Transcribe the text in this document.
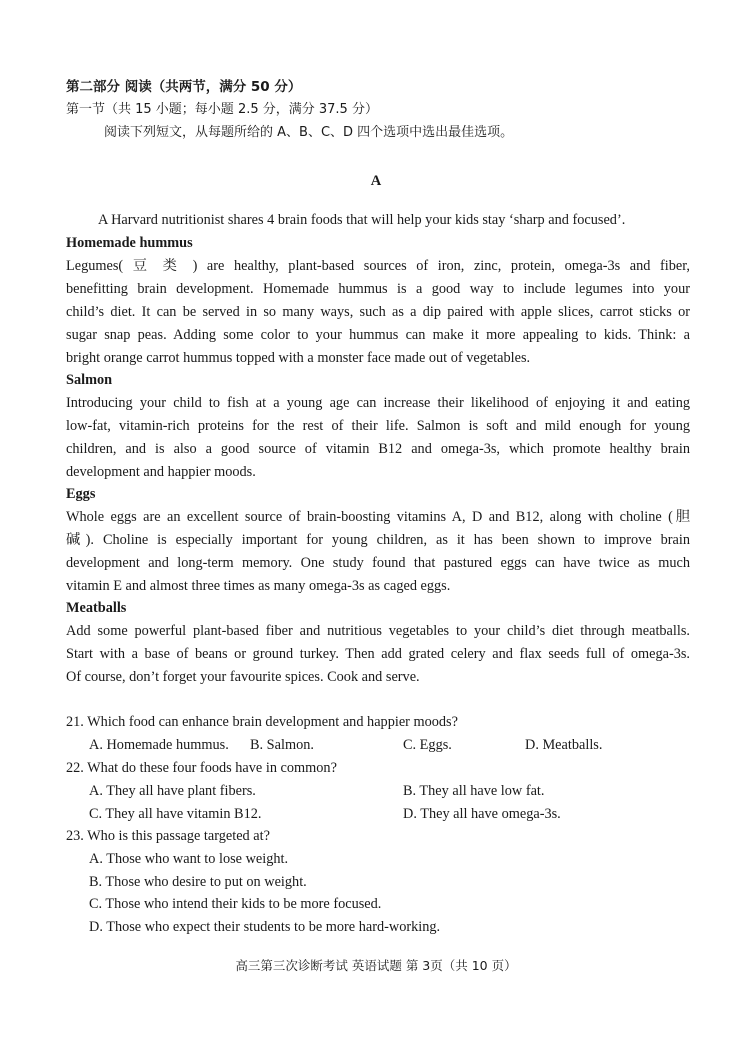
第二部分 阅读（共两节，满分 50 分）
第一节（共 15 小题；每小题 2.5 分，满分 37.5 分）
阅读下列短文，从每题所给的 A、B、C、D 四个选项中选出最佳选项。
A
A Harvard nutritionist shares 4 brain foods that will help your kids stay ‘sharp and focused’.
Homemade hummus
Legumes( 豆 类 ) are healthy, plant-based sources of iron, zinc, protein, omega-3s and fiber,
benefitting brain development. Homemade hummus is a good way to include legumes into your
child’s diet. It can be served in so many ways, such as a dip paired with apple slices, carrot sticks or
sugar snap peas. Adding some color to your hummus can make it more appealing to kids. Think: a
bright orange carrot hummus topped with a monster face made out of vegetables.
Salmon
Introducing your child to fish at a young age can increase their likelihood of enjoying it and eating
low-fat, vitamin-rich proteins for the rest of their life. Salmon is soft and mild enough for young
children, and is also a good source of vitamin B12 and omega-3s, which promote healthy brain
development and happier moods.
Eggs
Whole eggs are an excellent source of brain-boosting vitamins A, D and B12, along with choline (胆
碱). Choline is especially important for young children, as it has been shown to improve brain
development and long-term memory. One study found that pastured eggs can have twice as much
vitamin E and almost three times as many omega-3s as caged eggs.
Meatballs
Add some powerful plant-based fiber and nutritious vegetables to your child’s diet through meatballs.
Start with a base of beans or ground turkey. Then add grated celery and flax seeds full of omega-3s.
Of course, don’t forget your favourite spices. Cook and serve.
21. Which food can enhance brain development and happier moods?
A. Homemade hummus. B. Salmon.	C. Eggs.	D. Meatballs.
22. What do these four foods have in common?
A. They all have plant fibers.	B. They all have low fat.
C. They all have vitamin B12.	D. They all have omega-3s.
23. Who is this passage targeted at?
A. Those who want to lose weight.
B. Those who desire to put on weight.
C. Those who intend their kids to be more focused.
D. Those who expect their students to be more hard-working.
高三第三次诊断考试 英语试题 第 3页（共 10 页）
